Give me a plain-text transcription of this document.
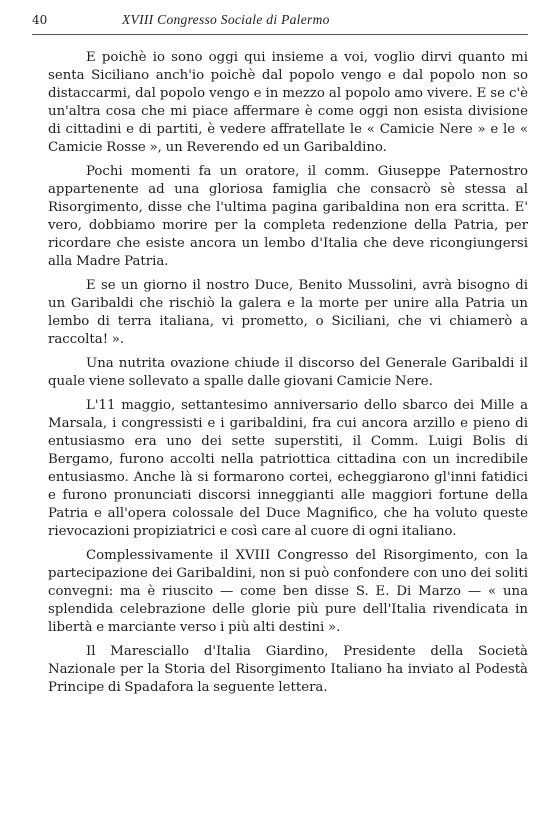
40	XVIII Congresso Sociale di Palermo

E poichè io sono oggi qui insieme a voi, voglio dirvi quanto mi senta Siciliano anch'io poichè dal popolo vengo e dal popolo non so distaccarmi, dal popolo vengo e in mezzo al popolo amo vivere. E se c'è un'altra cosa che mi piace affermare è come oggi non esista divisione di cittadini e di partiti, è vedere affratellate le « Camicie Nere » e le « Camicie Rosse », un Reverendo ed un Garibaldino.

Pochi momenti fa un oratore, il comm. Giuseppe Paternostro appartenente ad una gloriosa famiglia che consacrò sè stessa al Risorgimento, disse che l'ultima pagina garibaldina non era scritta. E' vero, dobbiamo morire per la completa redenzione della Patria, per ricordare che esiste ancora un lembo d'Italia che deve ricongiungersi alla Madre Patria.

E se un giorno il nostro Duce, Benito Mussolini, avrà bisogno di un Garibaldi che rischiò la galera e la morte per unire alla Patria un lembo di terra italiana, vi prometto, o Siciliani, che vi chiamerò a raccolta! ».

Una nutrita ovazione chiude il discorso del Generale Garibaldi il quale viene sollevato a spalle dalle giovani Camicie Nere.

L'11 maggio, settantesimo anniversario dello sbarco dei Mille a Marsala, i congressisti e i garibaldini, fra cui ancora arzillo e pieno di entusiasmo era uno dei sette superstiti, il Comm. Luigi Bolis di Bergamo, furono accolti nella patriottica cittadina con un incredibile entusiasmo. Anche là si formarono cortei, echeggiarono gl'inni fatidici e furono pronunciati discorsi inneggianti alle maggiori fortune della Patria e all'opera colossale del Duce Magnifico, che ha voluto queste rievocazioni propiziatrici e così care al cuore di ogni italiano.

Complessivamente il XVIII Congresso del Risorgimento, con la partecipazione dei Garibaldini, non si può confondere con uno dei soliti convegni: ma è riuscito — come ben disse S. E. Di Marzo — « una splendida celebrazione delle glorie più pure dell'Italia rivendicata in libertà e marciante verso i più alti destini ».

Il Maresciallo d'Italia Giardino, Presidente della Società Nazionale per la Storia del Risorgimento Italiano ha inviato al Podestà Principe di Spadafora la seguente lettera.
